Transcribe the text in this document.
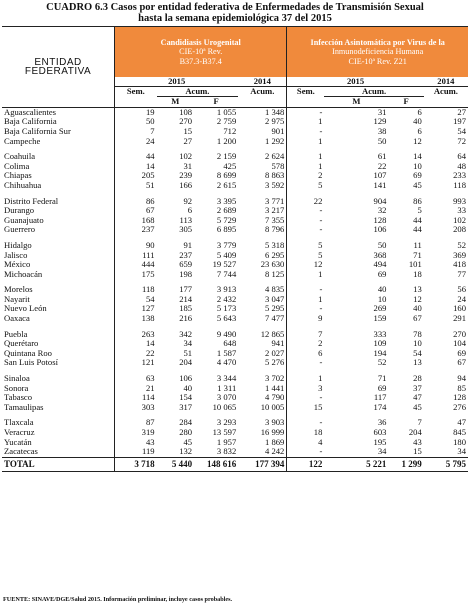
CUADRO 6.3 Casos por entidad federativa de Enfermedades de Transmisión Sexual
hasta la semana epidemiológica 37 del 2015
ENTIDAD
FEDERATIVA	Candidiasis Urogenital
CIE-10ª Rev.
B37.3-B37.4				Infección Asintomática por Virus de la
Inmunodeficiencia Humana
CIE-10ª Rev. Z21			
	2015			2014	2015			2014
	Sem.	Acum.		Acum.	Sem.	Acum.		Acum.
		M	F			M	F	
Aguascalientes	19	108	1 055	1 348	-	31	6	27
Baja California	50	270	2 759	2 975	1	129	40	197
Baja California Sur	7	15	712	901	-	38	6	54
Campeche	24	27	1 200	1 292	1	50	12	72

Coahuila	44	102	2 159	2 624	1	61	14	64
Colima	14	31	425	578	1	22	10	48
Chiapas	205	239	8 699	8 863	2	107	69	233
Chihuahua	51	166	2 615	3 592	5	141	45	118

Distrito Federal	86	92	3 395	3 771	22	904	86	993
Durango	67	6	2 689	3 217	-	32	5	33
Guanajuato	168	113	5 729	7 355	-	128	44	102
Guerrero	237	305	6 895	8 796	-	106	44	208

Hidalgo	90	91	3 779	5 318	5	50	11	52
Jalisco	111	237	5 409	6 295	5	368	71	369
México	444	659	19 527	23 630	12	494	101	418
Michoacán	175	198	7 744	8 125	1	69	18	77

Morelos	118	177	3 913	4 835	-	40	13	56
Nayarit	54	214	2 432	3 047	1	10	12	24
Nuevo León	127	185	5 173	5 295	-	269	40	160
Oaxaca	138	216	5 643	7 477	9	159	67	291

Puebla	263	342	9 490	12 865	7	333	78	270
Querétaro	14	34	648	941	2	109	10	104
Quintana Roo	22	51	1 587	2 027	6	194	54	69
San Luis Potosí	121	204	4 470	5 276	-	52	13	67

Sinaloa	63	106	3 344	3 702	1	71	28	94
Sonora	21	40	1 311	1 441	3	69	37	85
Tabasco	114	154	3 070	4 790	-	117	47	128
Tamaulipas	303	317	10 065	10 005	15	174	45	276

Tlaxcala	87	284	3 293	3 903	-	36	7	47
Veracruz	319	280	13 597	16 999	18	603	204	845
Yucatán	43	45	1 957	1 869	4	195	43	180
Zacatecas	119	132	3 832	4 242	-	34	15	34
TOTAL	3 718	5 440	148 616	177 394	122	5 221	1 299	5 795
FUENTE: SINAVE/DGE/Salud 2015. Información preliminar, incluye casos probables.
